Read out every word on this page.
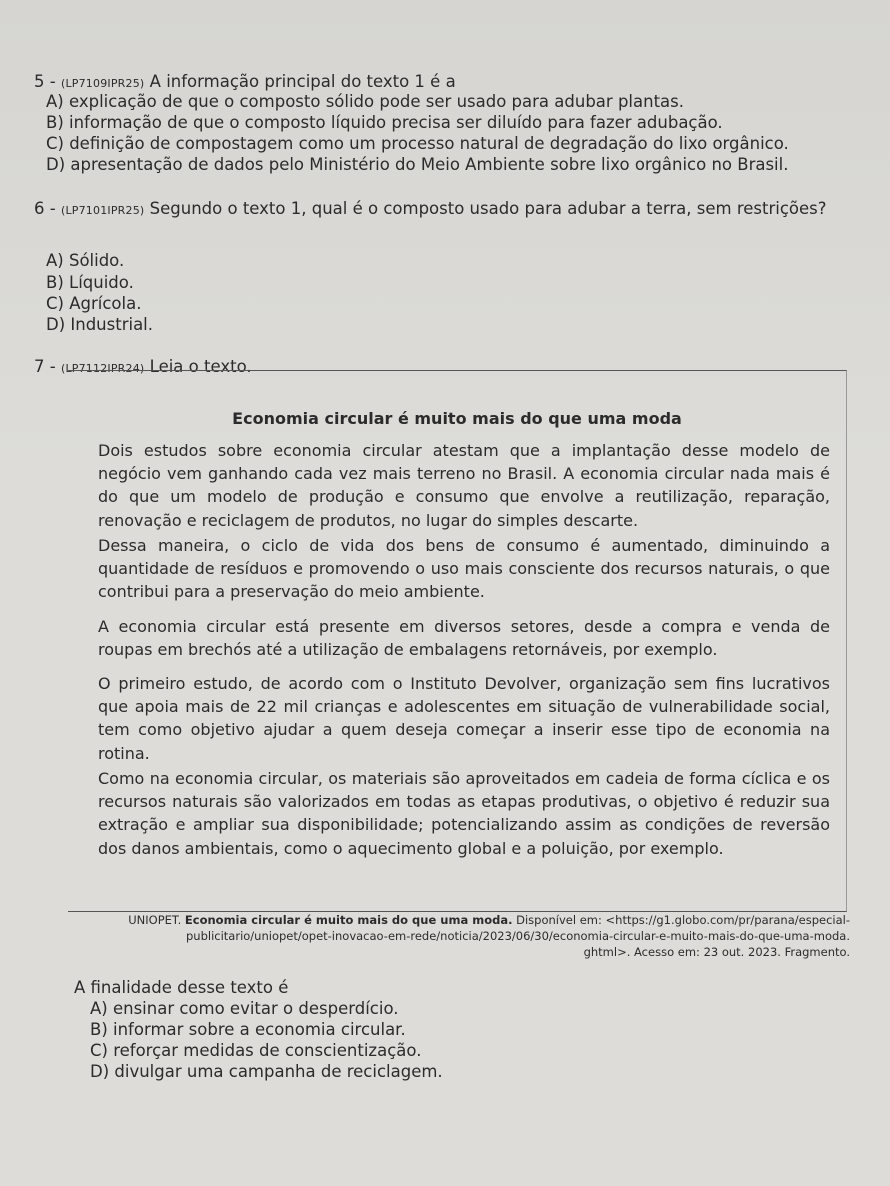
5 - (LP7109IPR25) A informação principal do texto 1 é a
A) explicação de que o composto sólido pode ser usado para adubar plantas.
B) informação de que o composto líquido precisa ser diluído para fazer adubação.
C) definição de compostagem como um processo natural de degradação do lixo orgânico.
D) apresentação de dados pelo Ministério do Meio Ambiente sobre lixo orgânico no Brasil.
6 - (LP7101IPR25) Segundo o texto 1, qual é o composto usado para adubar a terra, sem restrições?
A) Sólido.
B) Líquido.
C) Agrícola.
D) Industrial.
7 - (LP7112IPR24) Leia o texto.
Economia circular é muito mais do que uma moda
Dois estudos sobre economia circular atestam que a implantação desse modelo de negócio vem ganhando cada vez mais terreno no Brasil. A economia circular nada mais é do que um modelo de produção e consumo que envolve a reutilização, reparação, renovação e reciclagem de produtos, no lugar do simples descarte.
Dessa maneira, o ciclo de vida dos bens de consumo é aumentado, diminuindo a quantidade de resíduos e promovendo o uso mais consciente dos recursos naturais, o que contribui para a preservação do meio ambiente.
A economia circular está presente em diversos setores, desde a compra e venda de roupas em brechós até a utilização de embalagens retornáveis, por exemplo.
O primeiro estudo, de acordo com o Instituto Devolver, organização sem fins lucrativos que apoia mais de 22 mil crianças e adolescentes em situação de vulnerabilidade social, tem como objetivo ajudar a quem deseja começar a inserir esse tipo de economia na rotina.
Como na economia circular, os materiais são aproveitados em cadeia de forma cíclica e os recursos naturais são valorizados em todas as etapas produtivas, o objetivo é reduzir sua extração e ampliar sua disponibilidade; potencializando assim as condições de reversão dos danos ambientais, como o aquecimento global e a poluição, por exemplo.
UNIOPET. Economia circular é muito mais do que uma moda. Disponível em: <https://g1.globo.com/pr/parana/especial-
publicitario/uniopet/opet-inovacao-em-rede/noticia/2023/06/30/economia-circular-e-muito-mais-do-que-uma-moda.
ghtml>. Acesso em: 23 out. 2023. Fragmento.
A finalidade desse texto é
A) ensinar como evitar o desperdício.
B) informar sobre a economia circular.
C) reforçar medidas de conscientização.
D) divulgar uma campanha de reciclagem.
